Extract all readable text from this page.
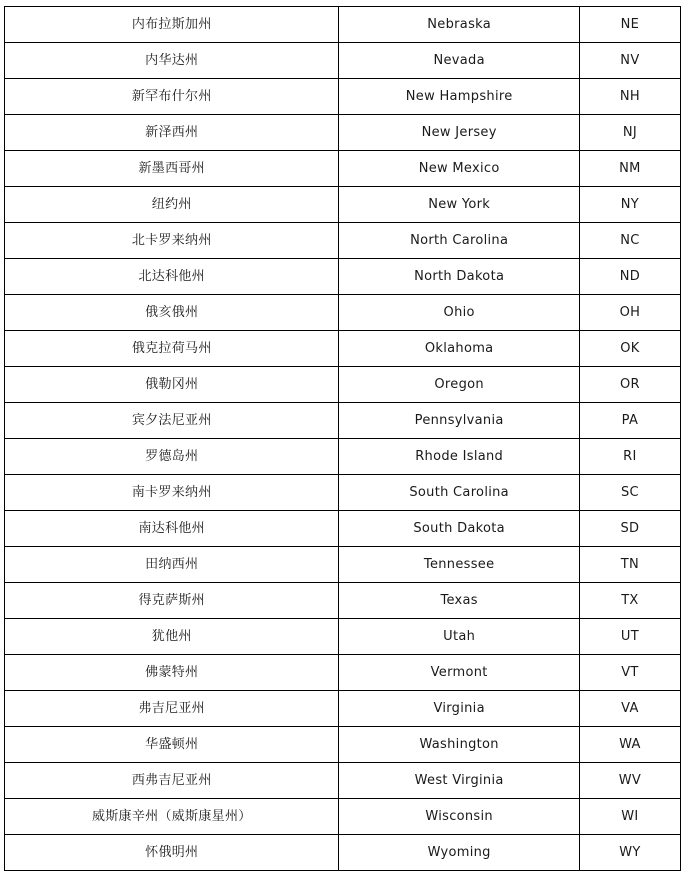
内布拉斯加州	Nebraska	NE
内华达州	Nevada	NV
新罕布什尔州	New Hampshire	NH
新泽西州	New Jersey	NJ
新墨西哥州	New Mexico	NM
纽约州	New York	NY
北卡罗来纳州	North Carolina	NC
北达科他州	North Dakota	ND
俄亥俄州	Ohio	OH
俄克拉荷马州	Oklahoma	OK
俄勒冈州	Oregon	OR
宾夕法尼亚州	Pennsylvania	PA
罗德岛州	Rhode Island	RI
南卡罗来纳州	South Carolina	SC
南达科他州	South Dakota	SD
田纳西州	Tennessee	TN
得克萨斯州	Texas	TX
犹他州	Utah	UT
佛蒙特州	Vermont	VT
弗吉尼亚州	Virginia	VA
华盛顿州	Washington	WA
西弗吉尼亚州	West Virginia	WV
威斯康辛州（威斯康星州）	Wisconsin	WI
怀俄明州	Wyoming	WY
